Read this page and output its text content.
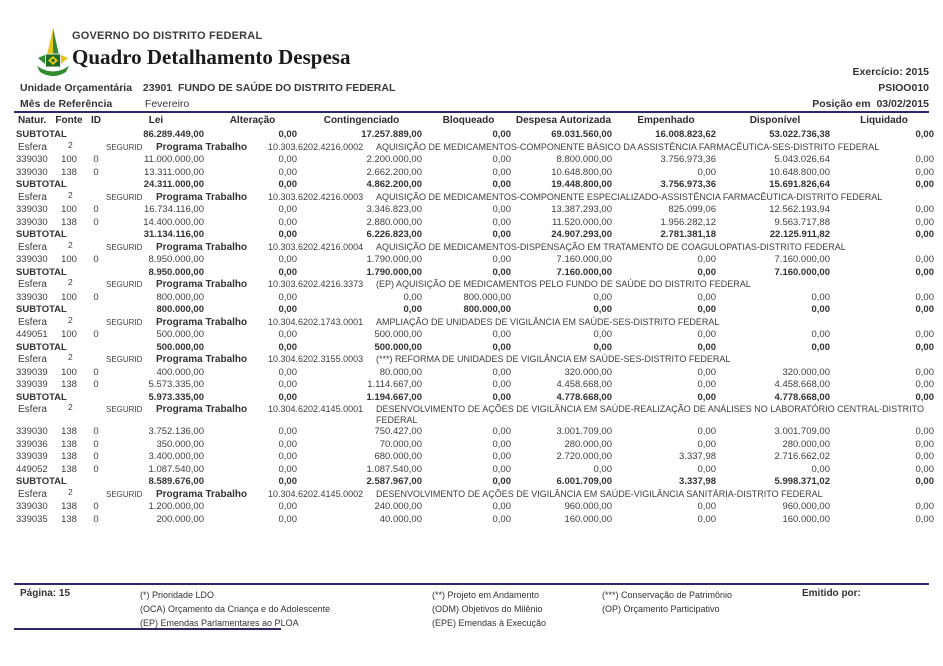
GOVERNO DO DISTRITO FEDERAL
Quadro Detalhamento Despesa
Exercício: 2015
Unidade Orçamentária 23901 FUNDO DE SAÚDE DO DISTRITO FEDERAL	PSIOO010
Mês de Referência	Fevereiro	Posição em 03/02/2015
Natur.	Fonte	ID	Lei	Alteração	Contingenciado	Bloqueado	Despesa Autorizada	Empenhado	Disponível	Liquidado
SUBTOTAL			86.289.449,00	0,00	17.257.889,00	0,00	69.031.560,00	16.008.823,62	53.022.736,38	0,00

Esfera	2	SEGURID	Programa Trabalho	10.303.6202.4216.0002	AQUISIÇÃO DE MEDICAMENTOS-COMPONENTE BÁSICO DA ASSISTÊNCIA FARMACÊUTICA-SES-DISTRITO FEDERAL

339030	100	0	11.000.000,00	0,00	2.200.000,00	0,00	8.800.000,00	3.756.973,36	5.043.026,64	0,00
339030	138	0	13.311.000,00	0,00	2.662.200,00	0,00	10.648.800,00	0,00	10.648.800,00	0,00
SUBTOTAL			24.311.000,00	0,00	4.862.200,00	0,00	19.448.800,00	3.756.973,36	15.691.826,64	0,00

Esfera	2	SEGURID	Programa Trabalho	10.303.6202.4216.0003	AQUISIÇÃO DE MEDICAMENTOS-COMPONENTE ESPECIALIZADO-ASSISTÊNCIA FARMACÊUTICA-DISTRITO FEDERAL

339030	100	0	16.734.116,00	0,00	3.346.823,00	0,00	13.387.293,00	825.099,06	12.562.193,94	0,00
339030	138	0	14.400.000,00	0,00	2.880.000,00	0,00	11.520.000,00	1.956.282,12	9.563.717,88	0,00
SUBTOTAL			31.134.116,00	0,00	6.226.823,00	0,00	24.907.293,00	2.781.381,18	22.125.911,82	0,00

Esfera	2	SEGURID	Programa Trabalho	10.303.6202.4216.0004	AQUISIÇÃO DE MEDICAMENTOS-DISPENSAÇÃO EM TRATAMENTO DE COAGULOPATIAS-DISTRITO FEDERAL

339030	100	0	8.950.000,00	0,00	1.790.000,00	0,00	7.160.000,00	0,00	7.160.000,00	0,00
SUBTOTAL			8.950.000,00	0,00	1.790.000,00	0,00	7.160.000,00	0,00	7.160.000,00	0,00

Esfera	2	SEGURID	Programa Trabalho	10.303.6202.4216.3373	(EP) AQUISIÇÃO DE MEDICAMENTOS PELO FUNDO DE SAÚDE DO DISTRITO FEDERAL

339030	100	0	800.000,00	0,00	0,00	800.000,00	0,00	0,00	0,00	0,00
SUBTOTAL			800.000,00	0,00	0,00	800.000,00	0,00	0,00	0,00	0,00

Esfera	2	SEGURID	Programa Trabalho	10.304.6202.1743.0001	AMPLIAÇÃO DE UNIDADES DE VIGILÂNCIA EM SAÚDE-SES-DISTRITO FEDERAL

449051	100	0	500.000,00	0,00	500.000,00	0,00	0,00	0,00	0,00	0,00
SUBTOTAL			500.000,00	0,00	500.000,00	0,00	0,00	0,00	0,00	0,00

Esfera	2	SEGURID	Programa Trabalho	10.304.6202.3155.0003	(***) REFORMA DE UNIDADES DE VIGILÂNCIA EM SAÚDE-SES-DISTRITO FEDERAL

339039	100	0	400.000,00	0,00	80.000,00	0,00	320.000,00	0,00	320.000,00	0,00
339039	138	0	5.573.335,00	0,00	1.114.667,00	0,00	4.458.668,00	0,00	4.458.668,00	0,00
SUBTOTAL			5.973.335,00	0,00	1.194.667,00	0,00	4.778.668,00	0,00	4.778.668,00	0,00

Esfera	2	SEGURID	Programa Trabalho	10.304.6202.4145.0001	DESENVOLVIMENTO DE AÇÕES DE VIGILÂNCIA EM SAÚDE-REALIZAÇÃO DE ANÁLISES NO LABORATÓRIO CENTRAL-DISTRITO FEDERAL

339030	138	0	3.752.136,00	0,00	750.427,00	0,00	3.001.709,00	0,00	3.001.709,00	0,00
339036	138	0	350.000,00	0,00	70.000,00	0,00	280.000,00	0,00	280.000,00	0,00
339039	138	0	3.400.000,00	0,00	680.000,00	0,00	2.720.000,00	3.337,98	2.716.662,02	0,00
449052	138	0	1.087.540,00	0,00	1.087.540,00	0,00	0,00	0,00	0,00	0,00
SUBTOTAL			8.589.676,00	0,00	2.587.967,00	0,00	6.001.709,00	3.337,98	5.998.371,02	0,00

Esfera	2	SEGURID	Programa Trabalho	10.304.6202.4145.0002	DESENVOLVIMENTO DE AÇÕES DE VIGILÂNCIA EM SAÚDE-VIGILÂNCIA SANITÁRIA-DISTRITO FEDERAL

339030	138	0	1.200.000,00	0,00	240.000,00	0,00	960.000,00	0,00	960.000,00	0,00
339035	138	0	200.000,00	0,00	40.000,00	0,00	160.000,00	0,00	160.000,00	0,00
Página: 15	(*) Prioridade LDO
(OCA) Orçamento da Criança e do Adolescente
(EP) Emendas Parlamentares ao PLOA
(**) Projeto em Andamento
(ODM) Objetivos do Milênio
(EPE) Emendas à Execução
(***) Conservação de Patrimônio
(OP) Orçamento Participativo
Emitido por:
